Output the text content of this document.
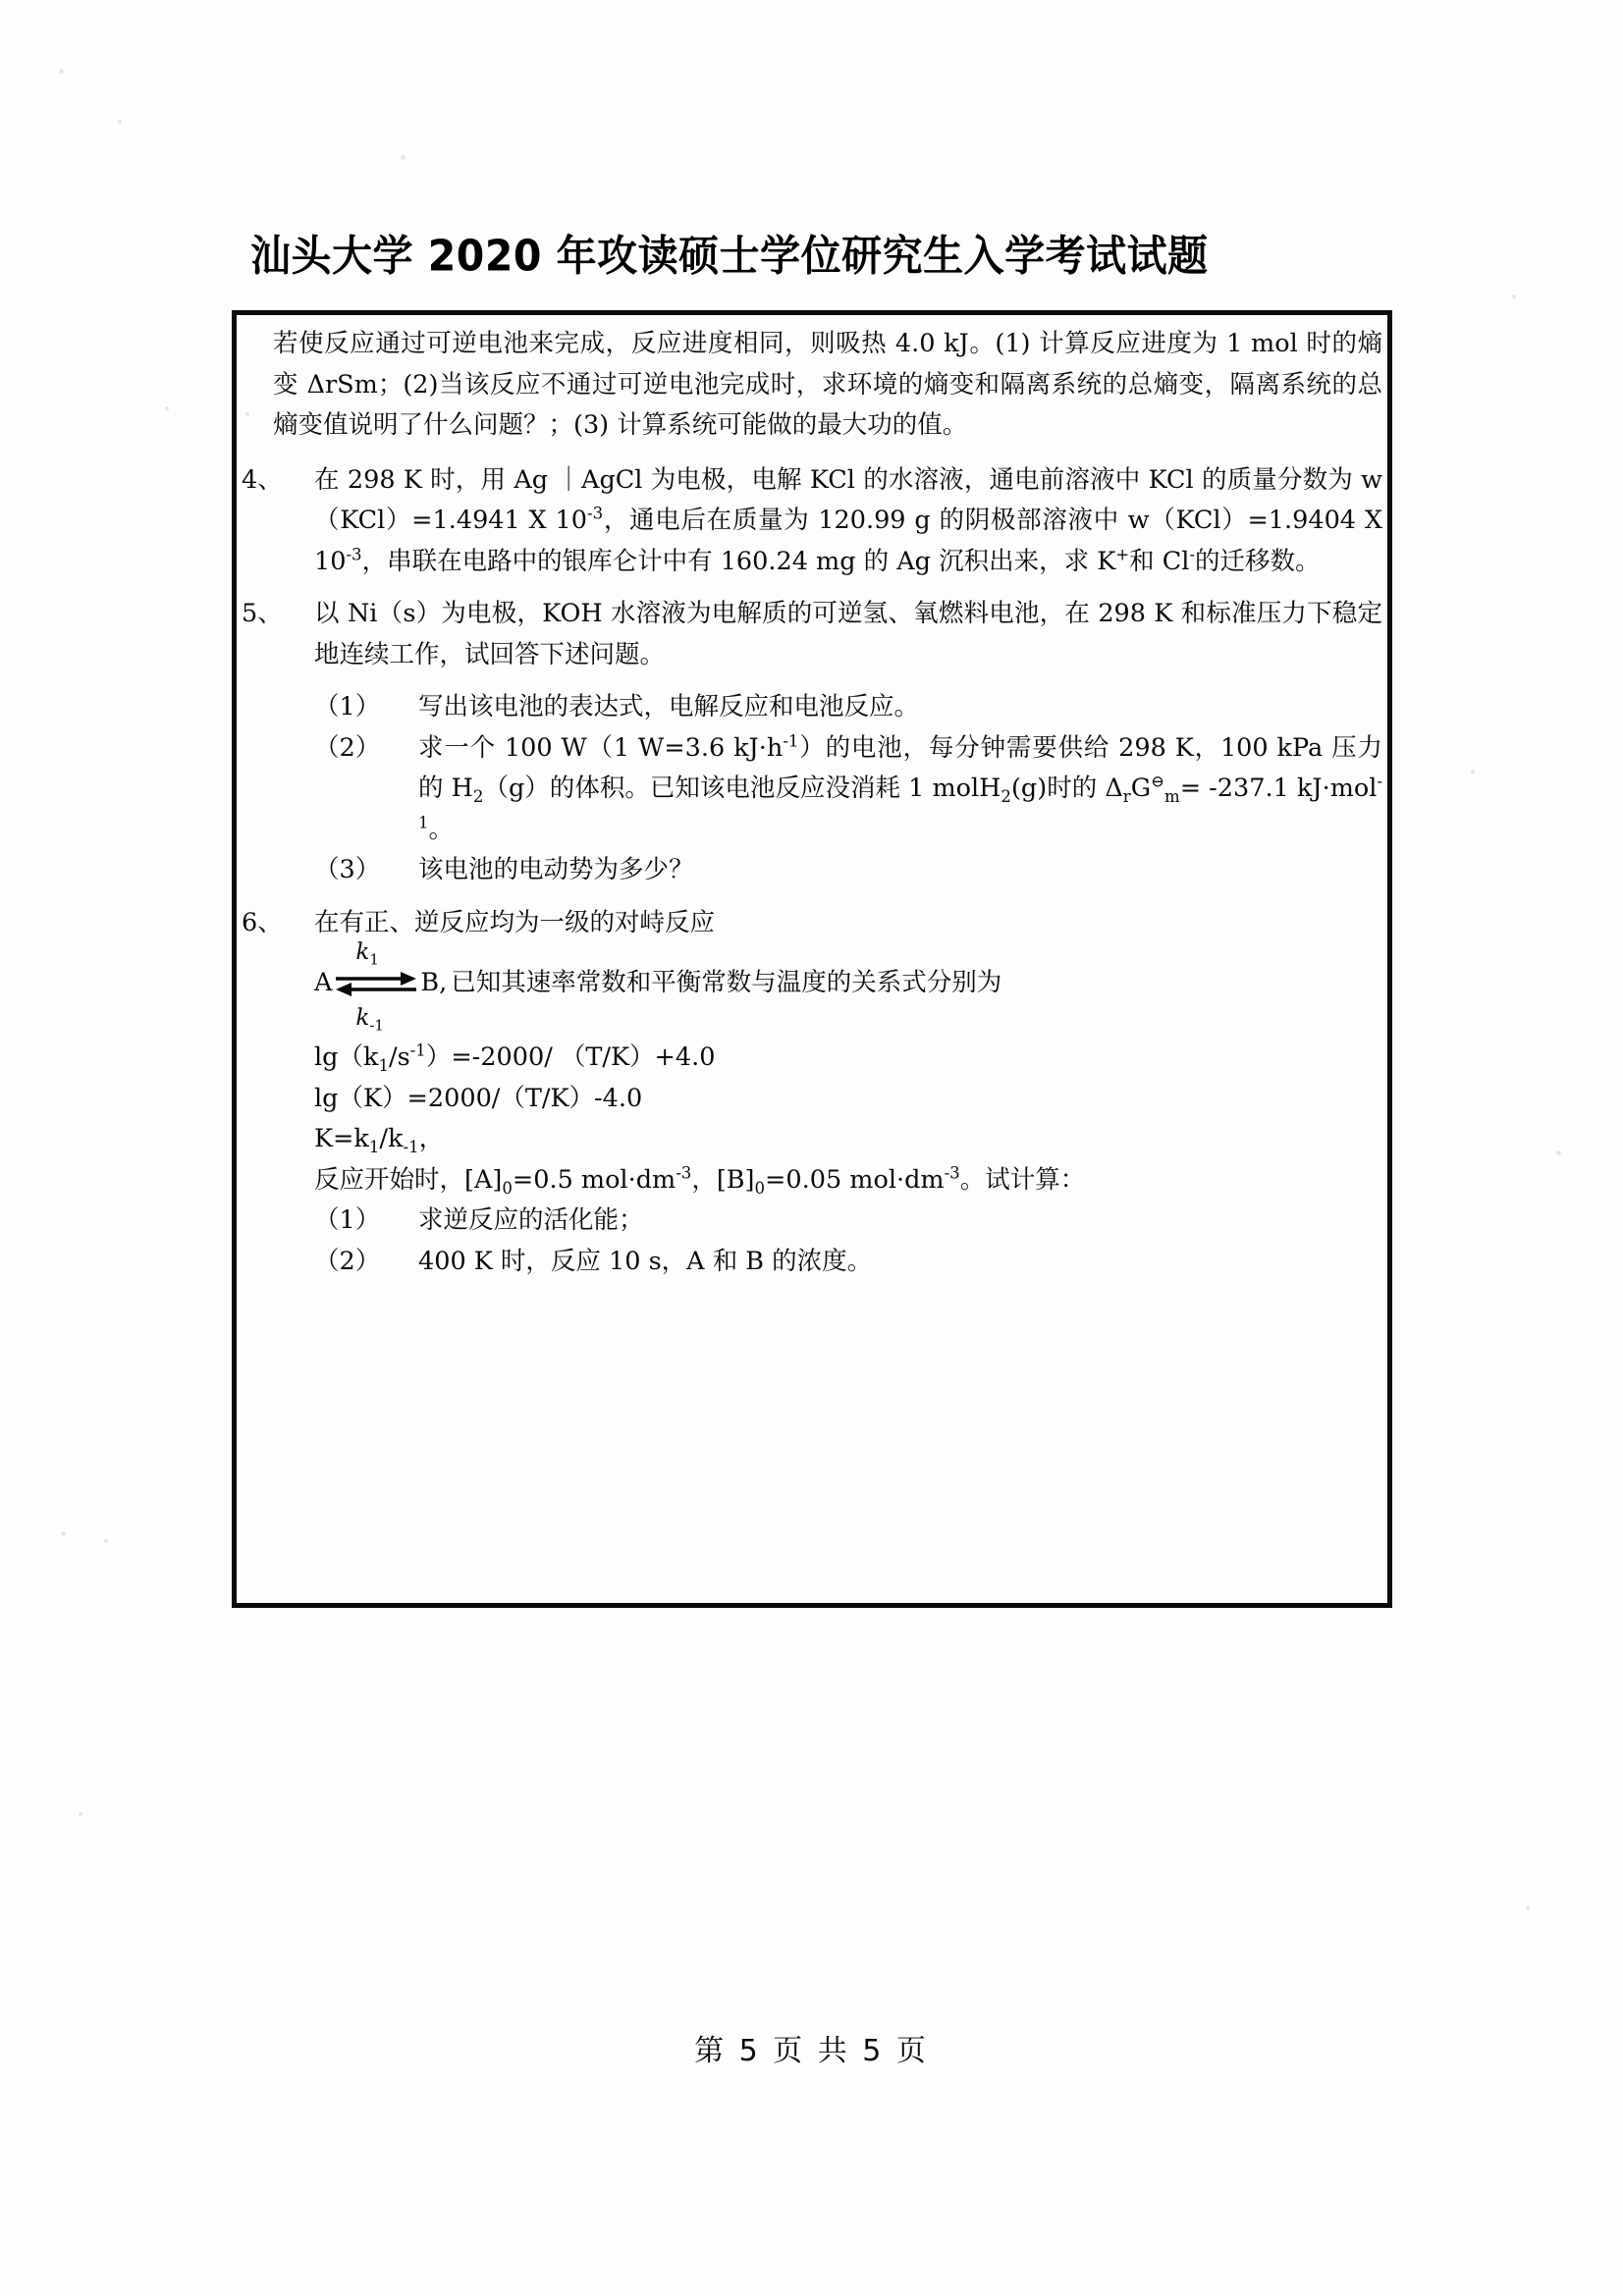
汕头大学 2020 年攻读硕士学位研究生入学考试试题

若使反应通过可逆电池来完成，反应进度相同，则吸热 4.0 kJ。(1) 计算反应进度为 1 mol 时的熵变 ΔrSm；(2)当该反应不通过可逆电池完成时，求环境的熵变和隔离系统的总熵变，隔离系统的总熵变值说明了什么问题？；(3) 计算系统可能做的最大功的值。

4、	在 298 K 时，用 Ag ｜AgCl 为电极，电解 KCl 的水溶液，通电前溶液中 KCl 的质量分数为 w（KCl）=1.4941 X $10^{-3}$，通电后在质量为 120.99 g 的阴极部溶液中 w（KCl）=1.9404 X $10^{-3}$，串联在电路中的银库仑计中有 160.24 mg 的 Ag 沉积出来，求 K+和 Cl-的迁移数。
5、	以 Ni（s）为电极，KOH 水溶液为电解质的可逆氢、氧燃料电池，在 298 K 和标准压力下稳定地连续工作，试回答下述问题。
（1）	写出该电池的表达式，电解反应和电池反应。
（2）	求一个 100 W（1 W=3.6 $kJ\cdot h^{-1}$）的电池，每分钟需要供给 298 K，100 kPa 压力的 $H_2(g)$的体积。已知该电池反应没消耗 1 molH$_2$(g)时的 $\Delta_rG^⊖_m= -237.1$ kJ·mol$^{-1}$。
（3）	该电池的电动势为多少？
6、	在有正、逆反应均为一级的对峙反应
A
$k_1$
$k_{-1}$
B, 已知其速率常数和平衡常数与温度的关系式分别为
$\lg(k_1/s^{-1})=-2000/$ （T/K）+4.0
lg（K）=2000/（T/K）-4.0
$K=k_1/k_{-1}$，
反应开始时，$[A]_0=0.5$ $mol\cdot dm^{-3}$，$[B]_0=0.05$ $mol\cdot dm^{-3}$。试计算：
（1）	求逆反应的活化能；
（2）	400 K 时，反应 10 s，A 和 B 的浓度。
第 5 页 共 5 页
